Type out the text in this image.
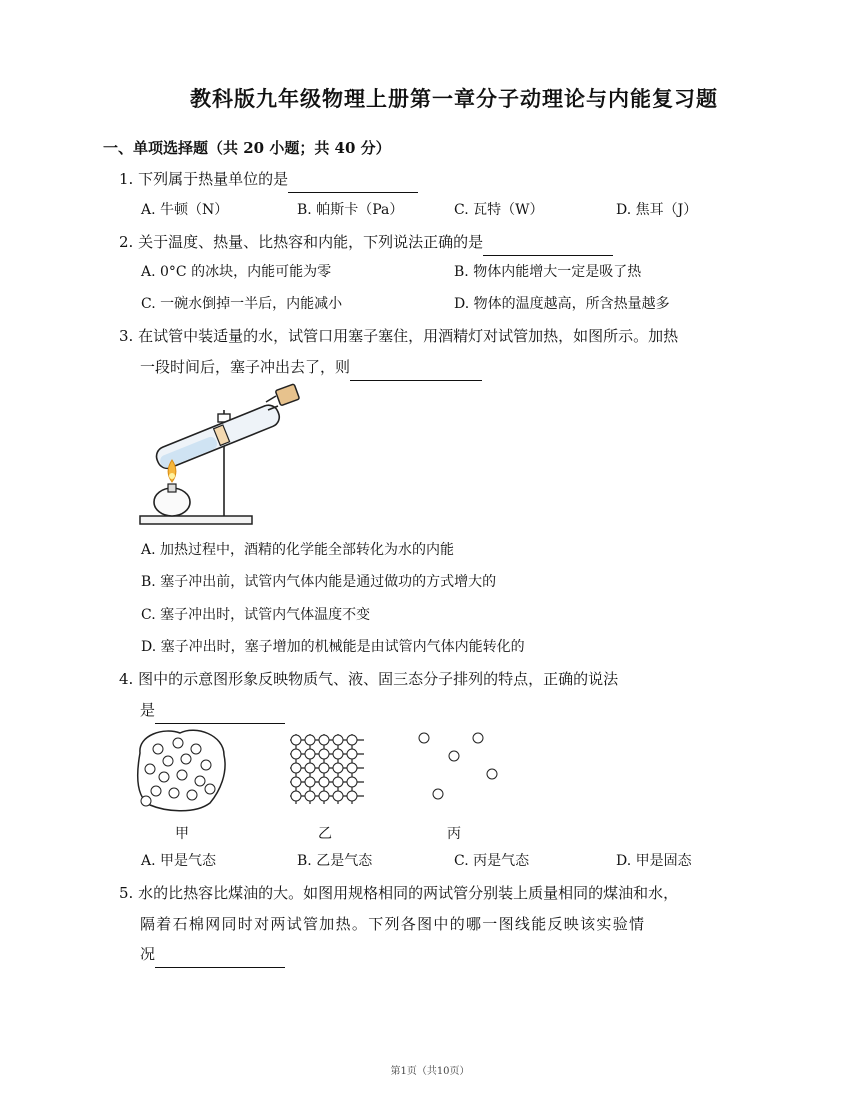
教科版九年级物理上册第一章分子动理论与内能复习题
一、单项选择题（共 20 小题；共 40 分）
1. 下列属于热量单位的是
A. 牛顿（N）	B. 帕斯卡（Pa）	C. 瓦特（W）	D. 焦耳（J）
2. 关于温度、热量、比热容和内能，下列说法正确的是
A. 0°C 的冰块，内能可能为零	B. 物体内能增大一定是吸了热
C. 一碗水倒掉一半后，内能减小	D. 物体的温度越高，所含热量越多
3. 在试管中装适量的水，试管口用塞子塞住，用酒精灯对试管加热，如图所示。加热
一段时间后，塞子冲出去了，则
A. 加热过程中，酒精的化学能全部转化为水的内能
B. 塞子冲出前，试管内气体内能是通过做功的方式增大的
C. 塞子冲出时，试管内气体温度不变
D. 塞子冲出时，塞子增加的机械能是由试管内气体内能转化的
4. 图中的示意图形象反映物质气、液、固三态分子排列的特点，正确的说法
是
甲	乙	丙
A. 甲是气态	B. 乙是气态	C. 丙是气态	D. 甲是固态
5. 水的比热容比煤油的大。如图用规格相同的两试管分别装上质量相同的煤油和水，
隔着石棉网同时对两试管加热。下列各图中的哪一图线能反映该实验情
况
第1页（共10页）
